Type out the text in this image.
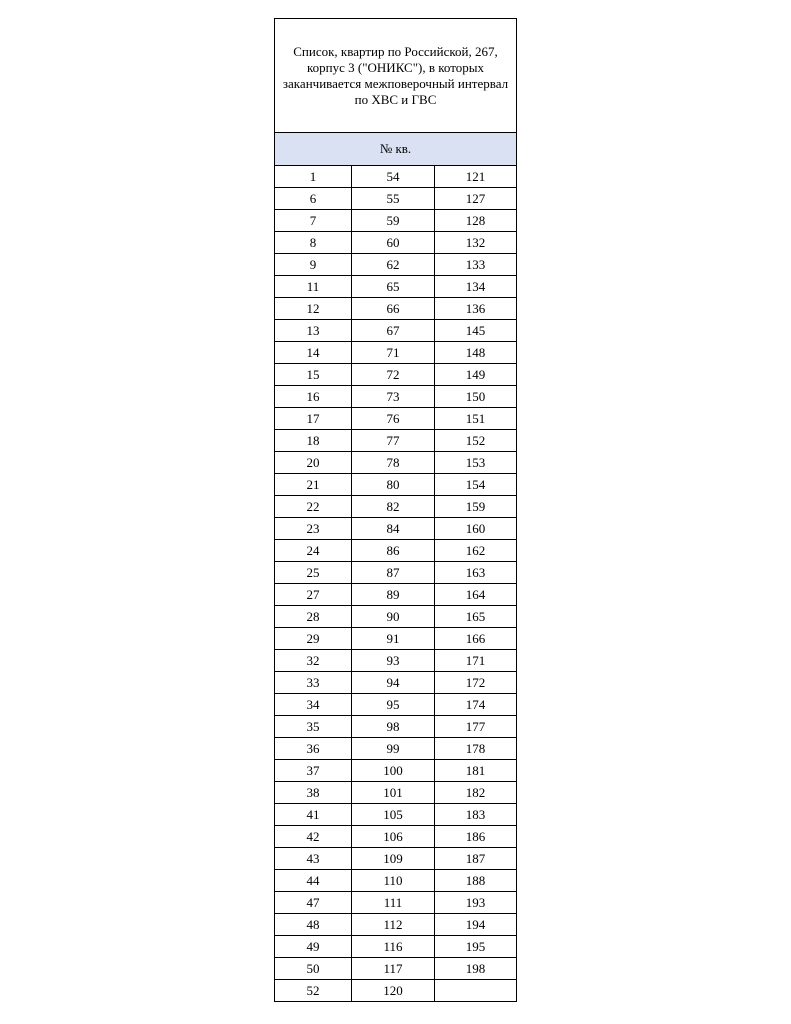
Список, квартир по Российской, 267, корпус 3 ("ОНИКС"), в которых заканчивается межповерочный интервал по ХВС и ГВС		
№ кв.		
1	54	121
6	55	127
7	59	128
8	60	132
9	62	133
11	65	134
12	66	136
13	67	145
14	71	148
15	72	149
16	73	150
17	76	151
18	77	152
20	78	153
21	80	154
22	82	159
23	84	160
24	86	162
25	87	163
27	89	164
28	90	165
29	91	166
32	93	171
33	94	172
34	95	174
35	98	177
36	99	178
37	100	181
38	101	182
41	105	183
42	106	186
43	109	187
44	110	188
47	111	193
48	112	194
49	116	195
50	117	198
52	120	
